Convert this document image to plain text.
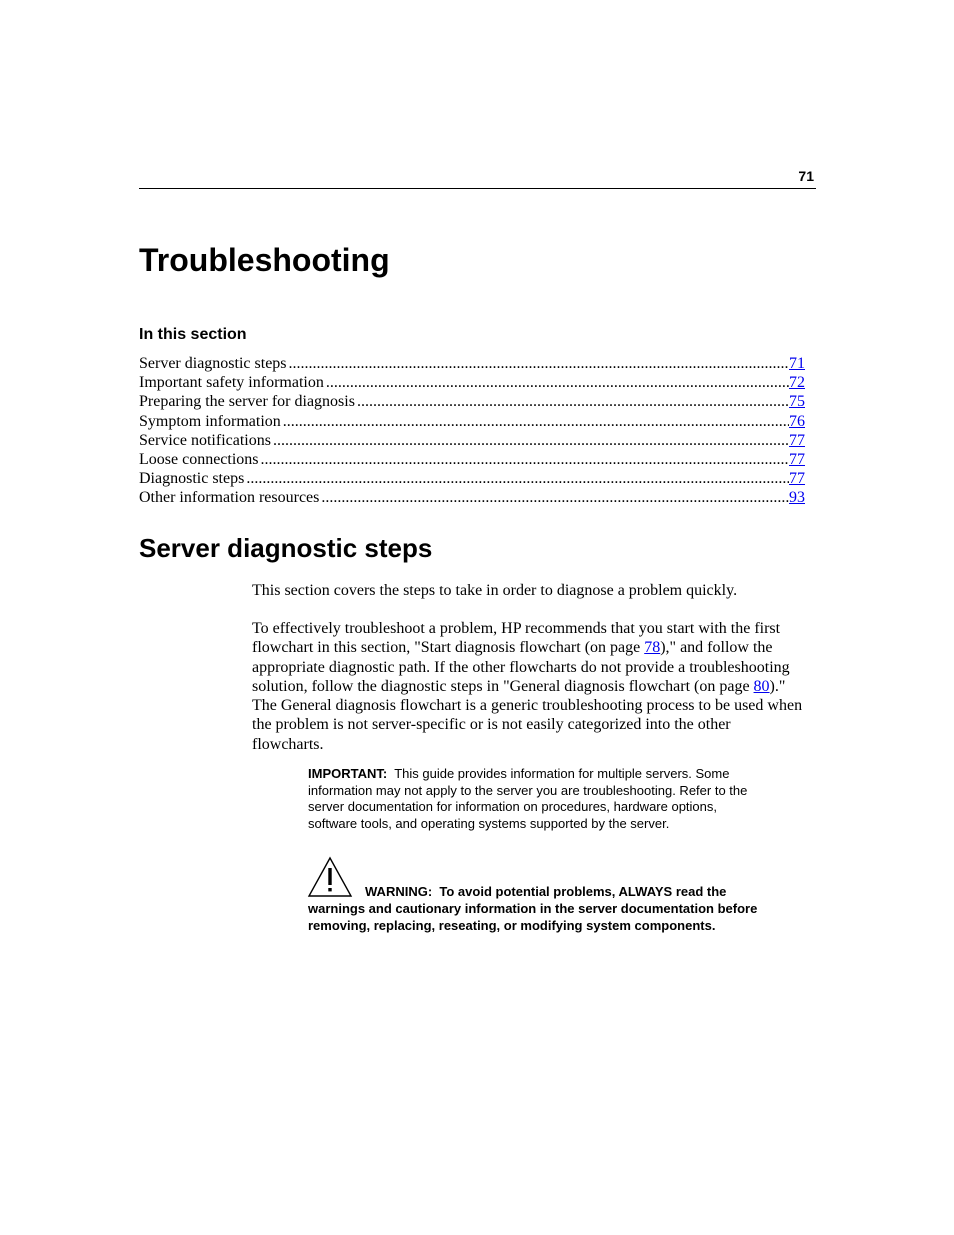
71
Troubleshooting
In this section
Server diagnostic steps .....	71
Important safety information .....	72
Preparing the server for diagnosis .....	75
Symptom information .....	76
Service notifications .....	77
Loose connections .....	77
Diagnostic steps .....	77
Other information resources .....	93
Server diagnostic steps

This section covers the steps to take in order to diagnose a problem quickly.

To effectively troubleshoot a problem, HP recommends that you start with the first flowchart in this section, "Start diagnosis flowchart (on page 78)," and follow the appropriate diagnostic path. If the other flowcharts do not provide a troubleshooting solution, follow the diagnostic steps in "General diagnosis flowchart (on page 80)." The General diagnosis flowchart is a generic troubleshooting process to be used when the problem is not server-specific or is not easily categorized into the other flowcharts.

IMPORTANT: This guide provides information for multiple servers. Some information may not apply to the server you are troubleshooting. Refer to the server documentation for information on procedures, hardware options, software tools, and operating systems supported by the server.
WARNING: To avoid potential problems, ALWAYS read the warnings and cautionary information in the server documentation before removing, replacing, reseating, or modifying system components.
